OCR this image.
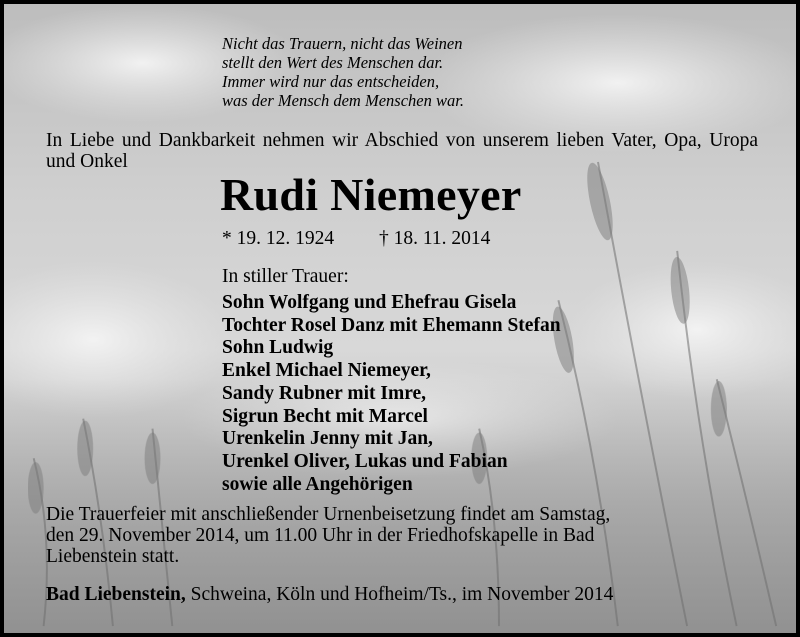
Nicht das Trauern, nicht das Weinen
stellt den Wert des Menschen dar.
Immer wird nur das entscheiden,
was der Mensch dem Menschen war.
In Liebe und Dankbarkeit nehmen wir Abschied von unserem lieben Vater, Opa, Uropa und Onkel
Rudi Niemeyer
* 19. 12. 1924 † 18. 11. 2014
In stiller Trauer:
Sohn Wolfgang und Ehefrau Gisela
Tochter Rosel Danz mit Ehemann Stefan
Sohn Ludwig
Enkel Michael Niemeyer,
Sandy Rubner mit Imre,
Sigrun Becht mit Marcel
Urenkelin Jenny mit Jan,
Urenkel Oliver, Lukas und Fabian
sowie alle Angehörigen
Die Trauerfeier mit anschließender Urnenbeisetzung findet am Samstag,
den 29. November 2014, um 11.00 Uhr in der Friedhofskapelle in Bad
Liebenstein statt.
Bad Liebenstein, Schweina, Köln und Hofheim/Ts., im November 2014
